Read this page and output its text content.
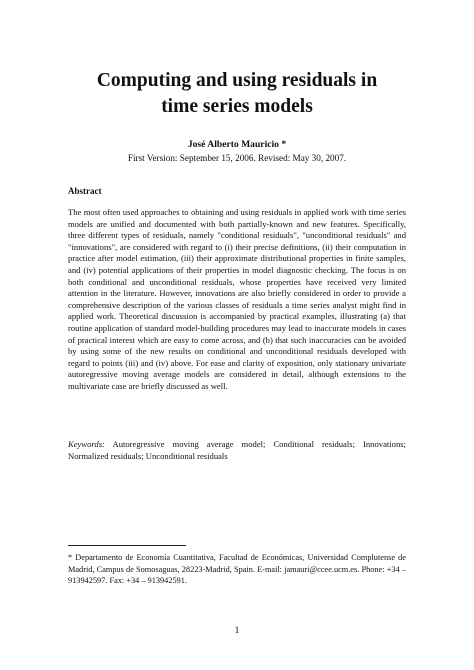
Computing and using residuals in
time series models
José Alberto Mauricio *
First Version: September 15, 2006. Revised: May 30, 2007.
Abstract
The most often used approaches to obtaining and using residuals in applied work with time series models are unified and documented with both partially-known and new features. Specifically, three different types of residuals, namely "conditional residuals", "unconditional residuals" and "innovations", are considered with regard to (i) their precise definitions, (ii) their computation in practice after model estimation, (iii) their approximate distributional properties in finite samples, and (iv) potential applications of their properties in model diagnostic checking. The focus is on both conditional and unconditional residuals, whose properties have received very limited attention in the literature. However, innovations are also briefly considered in order to provide a comprehensive description of the various classes of residuals a time series analyst might find in applied work. Theoretical discussion is accompanied by practical examples, illustrating (a) that routine application of standard model-building procedures may lead to inaccurate models in cases of practical interest which are easy to come across, and (b) that such inaccuracies can be avoided by using some of the new results on conditional and unconditional residuals developed with regard to points (iii) and (iv) above. For ease and clarity of exposition, only stationary univariate autoregressive moving average models are considered in detail, although extensions to the multivariate case are briefly discussed as well.
Keywords: Autoregressive moving average model; Conditional residuals; Innovations; Normalized residuals; Unconditional residuals
* Departamento de Economía Cuantitativa, Facultad de Económicas, Universidad Complutense de Madrid, Campus de Somosaguas, 28223-Madrid, Spain. E-mail: jamauri@ccee.ucm.es. Phone: +34 – 913942597. Fax: +34 – 913942591.
1
